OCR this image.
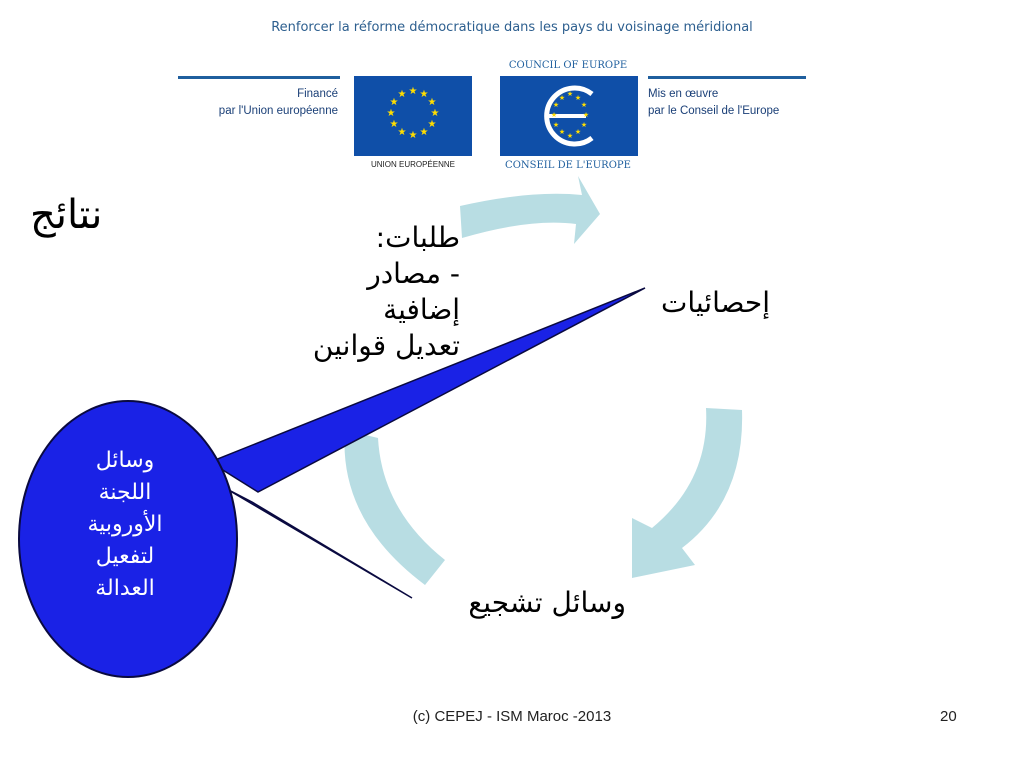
Renforcer la réforme démocratique dans les pays du voisinage méridional
Financé
par l'Union européenne
★ ★
★
★
★
★
★
★
★
★
★
★
UNION EUROPÉENNE
COUNCIL OF EUROPE
★ ★
★
★
★
★
★
★
★
★
★
★
CONSEIL DE L'EUROPE
Mis en œuvre
par le Conseil de l'Europe
نتائج	طلبات:
- مصادر
إضافية
تعديل قوانين
إحصائيات
وسائل تشجيع
وسائل
اللجنة
الأوروبية
لتفعيل
العدالة
(c) CEPEJ - ISM Maroc -2013	20
